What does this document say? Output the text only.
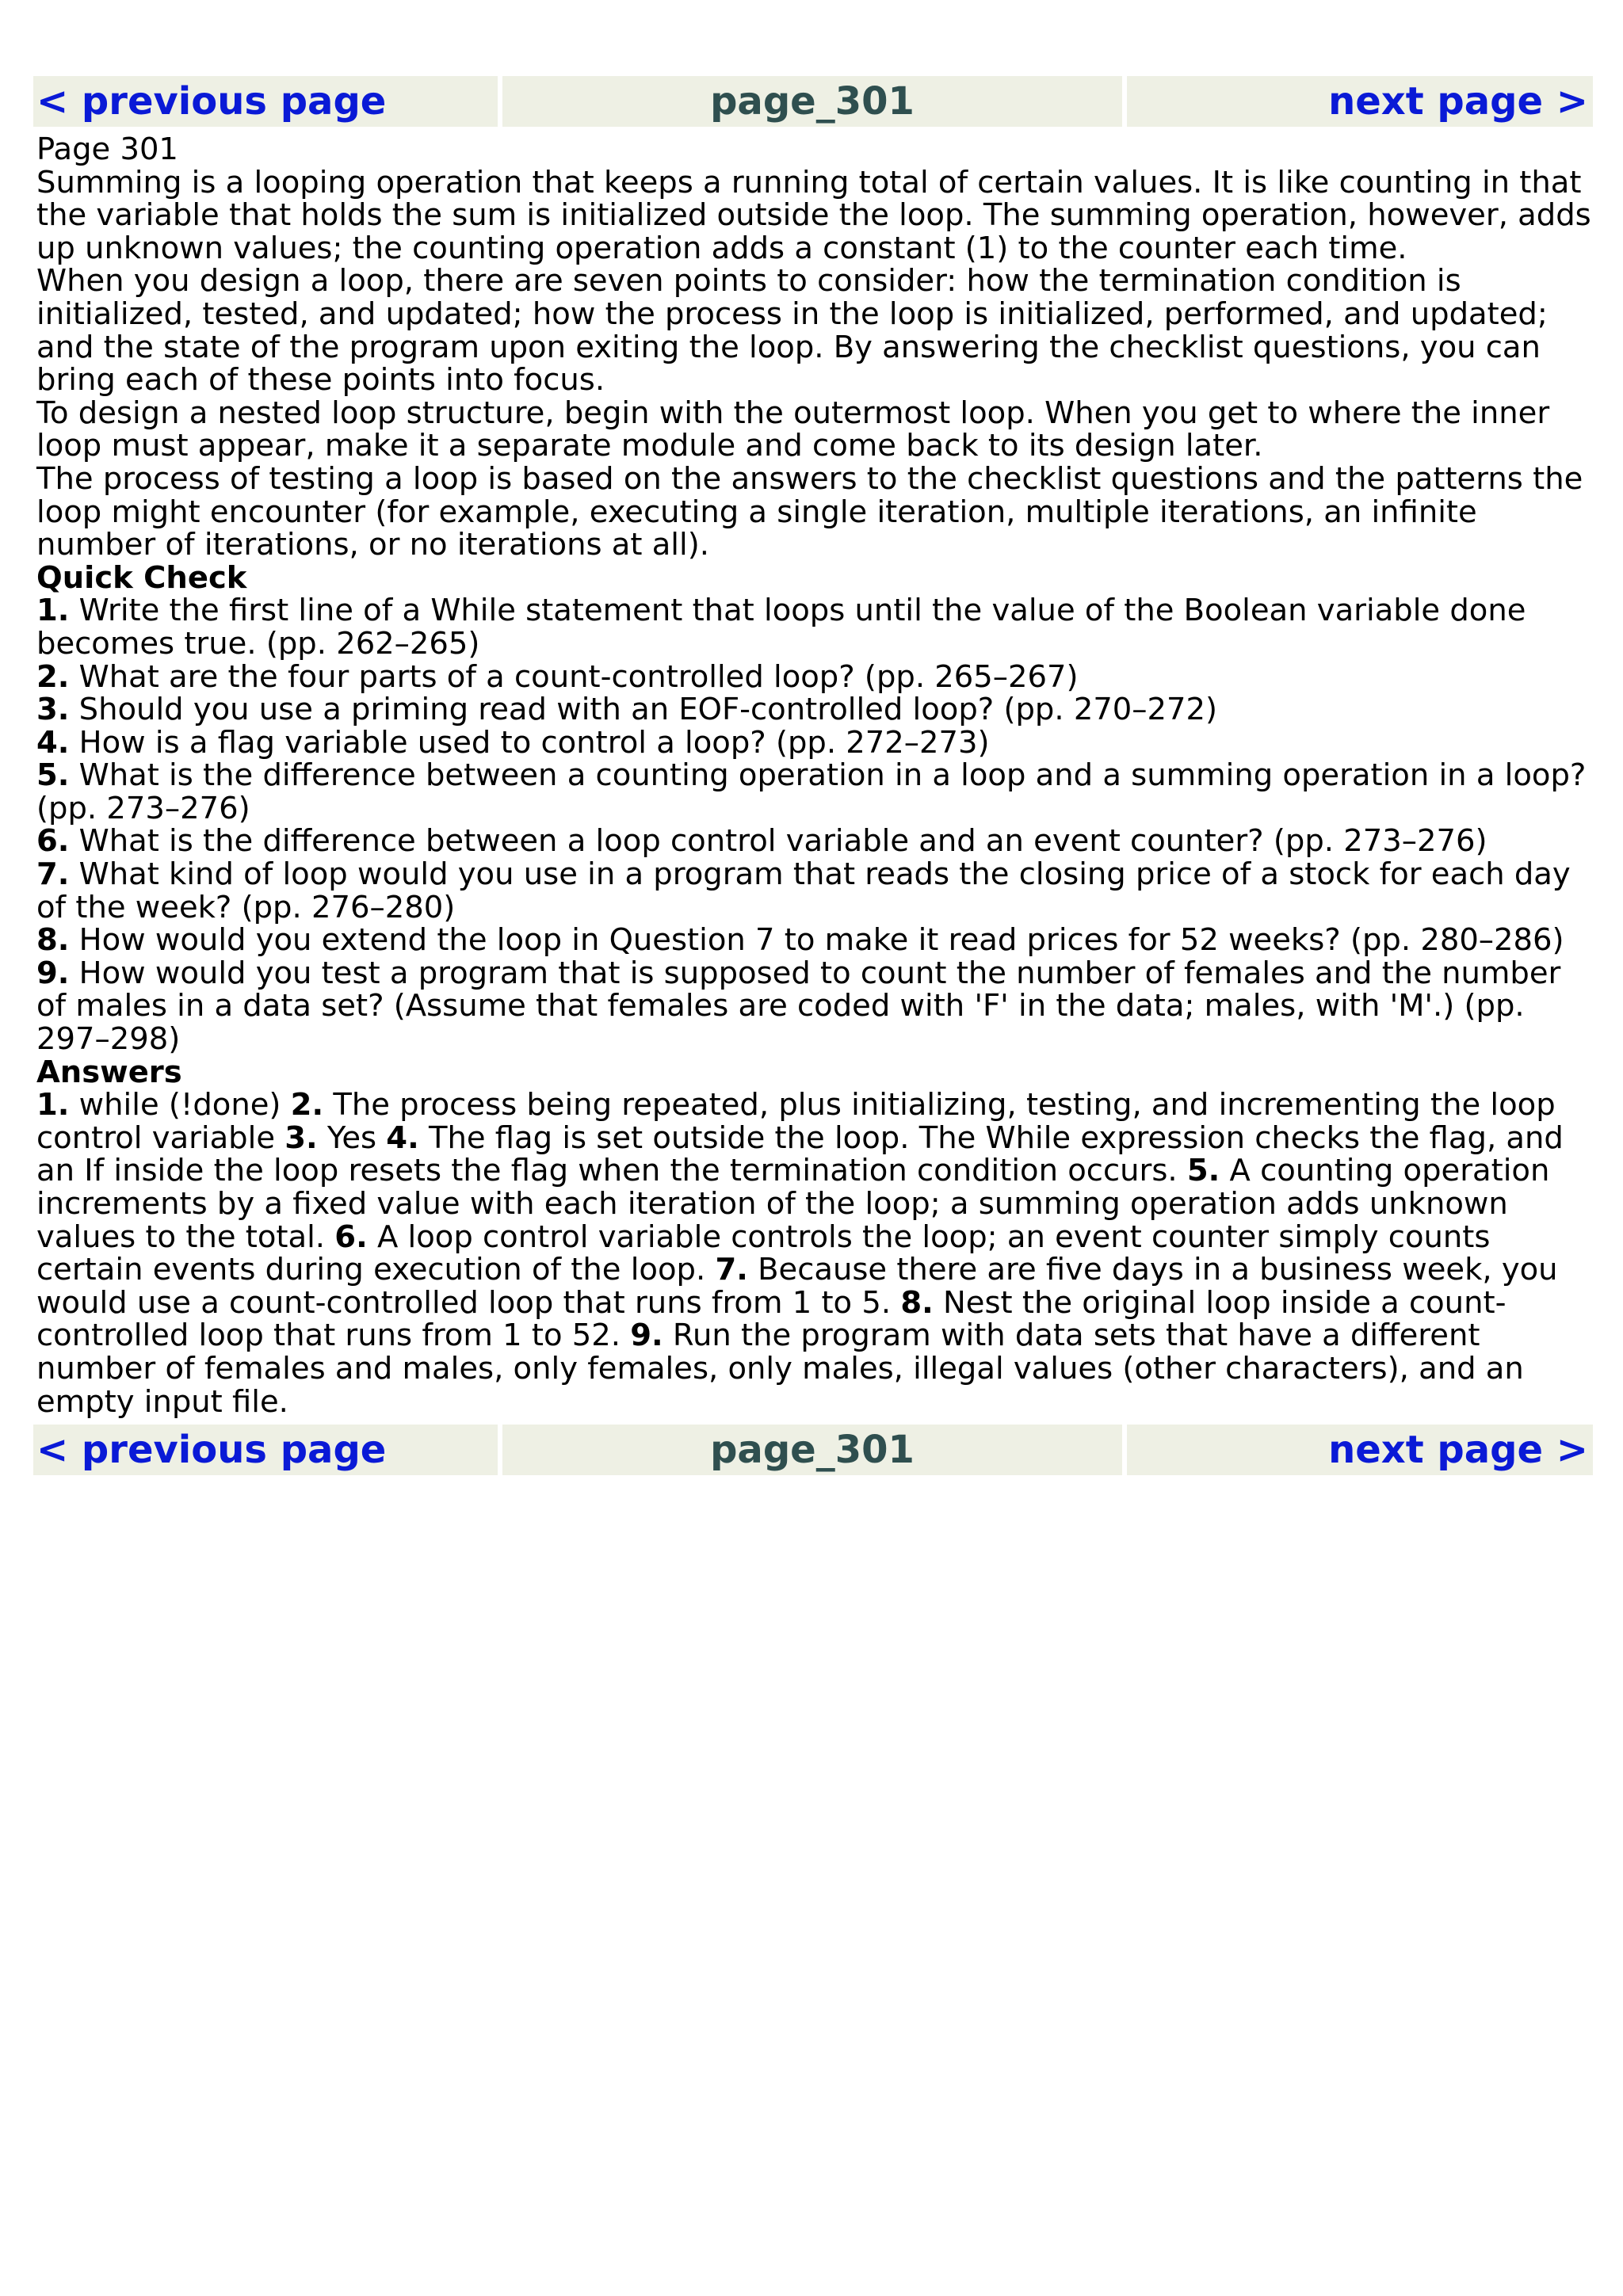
< previous page	page_301	next page >

Page 301

Summing is a looping operation that keeps a running total of certain values. It is like counting in that the variable that holds the sum is initialized outside the loop. The summing operation, however, adds up unknown values; the counting operation adds a constant (1) to the counter each time.

When you design a loop, there are seven points to consider: how the termination condition is initialized, tested, and updated; how the process in the loop is initialized, performed, and updated; and the state of the program upon exiting the loop. By answering the checklist questions, you can bring each of these points into focus.

To design a nested loop structure, begin with the outermost loop. When you get to where the inner loop must appear, make it a separate module and come back to its design later.

The process of testing a loop is based on the answers to the checklist questions and the patterns the loop might encounter (for example, executing a single iteration, multiple iterations, an infinite number of iterations, or no iterations at all).

Quick Check

1. Write the first line of a While statement that loops until the value of the Boolean variable done becomes true. (pp. 262–265)

2. What are the four parts of a count-controlled loop? (pp. 265–267)

3. Should you use a priming read with an EOF-controlled loop? (pp. 270–272)

4. How is a flag variable used to control a loop? (pp. 272–273)

5. What is the difference between a counting operation in a loop and a summing operation in a loop? (pp. 273–276)

6. What is the difference between a loop control variable and an event counter? (pp. 273–276)

7. What kind of loop would you use in a program that reads the closing price of a stock for each day of the week? (pp. 276–280)

8. How would you extend the loop in Question 7 to make it read prices for 52 weeks? (pp. 280–286)

9. How would you test a program that is supposed to count the number of females and the number of males in a data set? (Assume that females are coded with 'F' in the data; males, with 'M'.) (pp. 297–298)

Answers

1. while (!done) 2. The process being repeated, plus initializing, testing, and incrementing the loop control variable 3. Yes 4. The flag is set outside the loop. The While expression checks the flag, and an If inside the loop resets the flag when the termination condition occurs. 5. A counting operation increments by a fixed value with each iteration of the loop; a summing operation adds unknown values to the total. 6. A loop control variable controls the loop; an event counter simply counts certain events during execution of the loop. 7. Because there are five days in a business week, you would use a count-controlled loop that runs from 1 to 5. 8. Nest the original loop inside a count-controlled loop that runs from 1 to 52. 9. Run the program with data sets that have a different number of females and males, only females, only males, illegal values (other characters), and an empty input file.

< previous page	page_301	next page >
